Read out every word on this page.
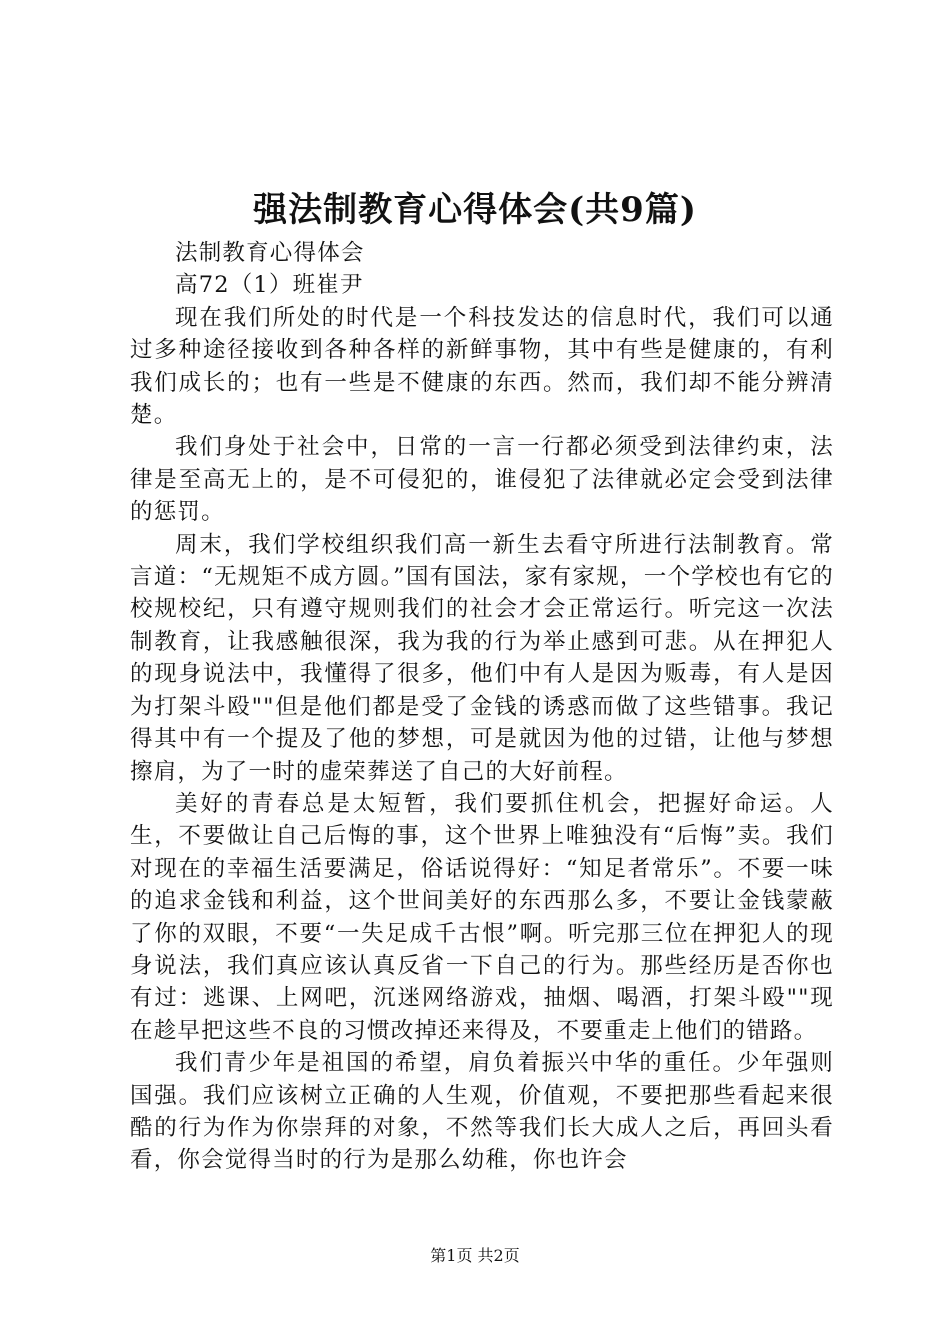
强法制教育心得体会(共9篇)

法制教育心得体会

高72（1）班崔尹

现在我们所处的时代是一个科技发达的信息时代，我们可以通过多种途径接收到各种各样的新鲜事物，其中有些是健康的，有利我们成长的；也有一些是不健康的东西。然而，我们却不能分辨清楚。

我们身处于社会中，日常的一言一行都必须受到法律约束，法律是至高无上的，是不可侵犯的，谁侵犯了法律就必定会受到法律的惩罚。

周末，我们学校组织我们高一新生去看守所进行法制教育。常言道：“无规矩不成方圆。”国有国法，家有家规，一个学校也有它的校规校纪，只有遵守规则我们的社会才会正常运行。听完这一次法制教育，让我感触很深，我为我的行为举止感到可悲。从在押犯人的现身说法中，我懂得了很多，他们中有人是因为贩毒，有人是因为打架斗殴""但是他们都是受了金钱的诱惑而做了这些错事。我记得其中有一个提及了他的梦想，可是就因为他的过错，让他与梦想擦肩，为了一时的虚荣葬送了自己的大好前程。

美好的青春总是太短暂，我们要抓住机会，把握好命运。人生，不要做让自己后悔的事，这个世界上唯独没有“后悔”卖。我们对现在的幸福生活要满足，俗话说得好：“知足者常乐”。不要一味的追求金钱和利益，这个世间美好的东西那么多，不要让金钱蒙蔽了你的双眼，不要“一失足成千古恨”啊。听完那三位在押犯人的现身说法，我们真应该认真反省一下自己的行为。那些经历是否你也有过：逃课、上网吧，沉迷网络游戏，抽烟、喝酒，打架斗殴""现在趁早把这些不良的习惯改掉还来得及，不要重走上他们的错路。

我们青少年是祖国的希望，肩负着振兴中华的重任。少年强则国强。我们应该树立正确的人生观，价值观，不要把那些看起来很酷的行为作为你崇拜的对象，不然等我们长大成人之后，再回头看看，你会觉得当时的行为是那么幼稚，你也许会

第1页 共2页
